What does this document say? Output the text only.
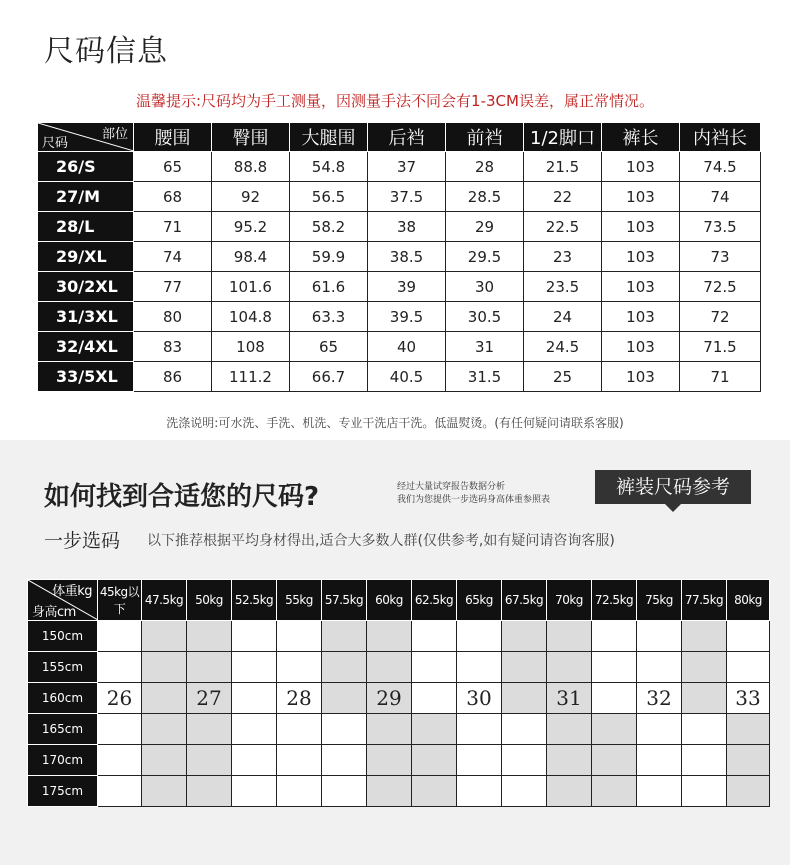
尺码信息
温馨提示:尺码均为手工测量，因测量手法不同会有1-3CM误差，属正常情况。
部位
尺码	腰围	臀围	大腿围	后裆	前裆	1/2脚口	裤长	内裆长
26/S	65	88.8	54.8	37	28	21.5	103	74.5
27/M	68	92	56.5	37.5	28.5	22	103	74
28/L	71	95.2	58.2	38	29	22.5	103	73.5
29/XL	74	98.4	59.9	38.5	29.5	23	103	73
30/2XL	77	101.6	61.6	39	30	23.5	103	72.5
31/3XL	80	104.8	63.3	39.5	30.5	24	103	72
32/4XL	83	108	65	40	31	24.5	103	71.5
33/5XL	86	111.2	66.7	40.5	31.5	25	103	71
洗涤说明:可水洗、手洗、机洗、专业干洗店干洗。低温熨烫。(有任何疑问请联系客服)
如何找到合适您的尺码?	经过大量试穿报告数据分析
我们为您提供一步选码身高体重参照表
裤装尺码参考
一步选码 以下推荐根据平均身材得出,适合大多数人群(仅供参考,如有疑问请咨询客服)
体重kg
身高cm	45kg以下	47.5kg	50kg	52.5kg	55kg	57.5kg	60kg	62.5kg	65kg	67.5kg	70kg	72.5kg	75kg	77.5kg	80kg
150cm															
155cm															
160cm	26		27		28		29		30		31		32		33
165cm															
170cm															
175cm															
